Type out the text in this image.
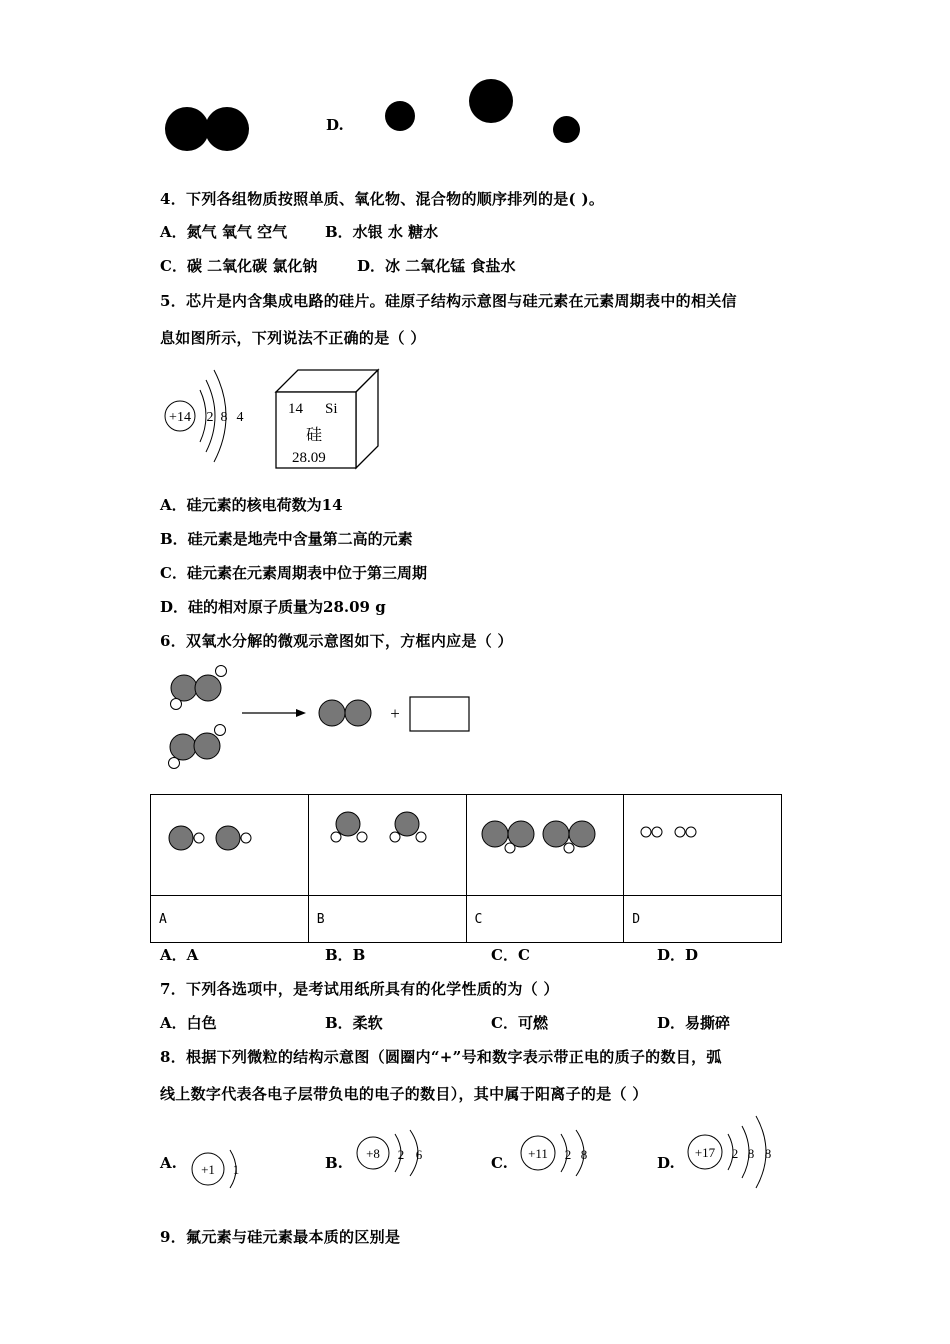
D.
4．下列各组物质按照单质、氧化物、混合物的顺序排列的是( )。
A．氮气 氧气 空气	B．水银 水 糖水
C．碳 二氧化碳 氯化钠	D．冰 二氧化锰 食盐水
5．芯片是内含集成电路的硅片。硅原子结构示意图与硅元素在元素周期表中的相关信
息如图所示，下列说法不正确的是（ ）
+14 2 8 4
14 Si
硅
28.09
A．硅元素的核电荷数为14
B．硅元素是地壳中含量第二高的元素
C．硅元素在元素周期表中位于第三周期
D．硅的相对原子质量为28.09 g
6．双氧水分解的微观示意图如下，方框内应是（ ）
+

A	B	C	D
A．A	B．B	C．C	D．D
7．下列各选项中，是考试用纸所具有的化学性质的为（ ）
A．白色	B．柔软	C．可燃	D．易撕碎
8．根据下列微粒的结构示意图（圆圈内“+”号和数字表示带正电的质子的数目，弧
线上数字代表各电子层带负电的电子的数目），其中属于阳离子的是（ ）
A. +1 1	B.
+8 2 6	C.
+11 2 8	D.
+17 2 8 8
9．氟元素与硅元素最本质的区别是
